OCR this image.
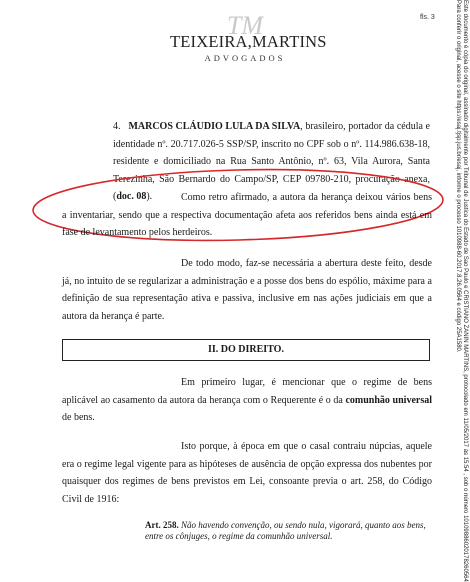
fls. 3
TM
TEIXEIRA,MARTINS
ADVOGADOS
4. MARCOS CLÁUDIO LULA DA SILVA, brasileiro, portador da cédula e identidade nº. 20.717.026-5 SSP/SP, inscrito no CPF sob o nº. 114.986.638-18, residente e domiciliado na Rua Santo Antônio, nº. 63, Vila Aurora, Santa Terezinha, São Bernardo do Campo/SP, CEP 09780-210, procuração anexa, (doc. 08).	Como retro afirmado, a autora da herança deixou vários bens a inventariar, sendo que a respectiva documentação afeta aos referidos bens ainda está em fase de levantamento pelos herdeiros.
De todo modo, faz-se necessária a abertura deste feito, desde já, no intuito de se regularizar a administração e a posse dos bens do espólio, máxime para a definição de sua representação ativa e passiva, inclusive em nas ações judiciais em que a autora da herança é parte.
II. DO DIREITO.
Em primeiro lugar, é mencionar que o regime de bens aplicável ao casamento da autora da herança com o Requerente é o da comunhão universal de bens.
Isto porque, à época em que o casal contraiu núpcias, aquele era o regime legal vigente para as hipóteses de ausência de opção expressa dos nubentes por quaisquer dos regimes de bens previstos em Lei, consoante previa o art. 258, do Código Civil de 1916:
Art. 258. Não havendo convenção, ou sendo nula, vigorará, quanto aos bens, entre os cônjuges, o regime da comunhão universal.	Este documento é cópia do original, assinado digitalmente por Tribunal de Justica do Estado de Sao Paulo e CRISTIANO ZANIN MARTINS, protocolado em 11/05/2017 às 15:54 , sob o número 10109886020178260564
Para conferir o original, acesse o site https://esaj.tjsp.jus.br/esaj, informe o processo 1010988-60.2017.8.26.0564 e código 25A1580.
